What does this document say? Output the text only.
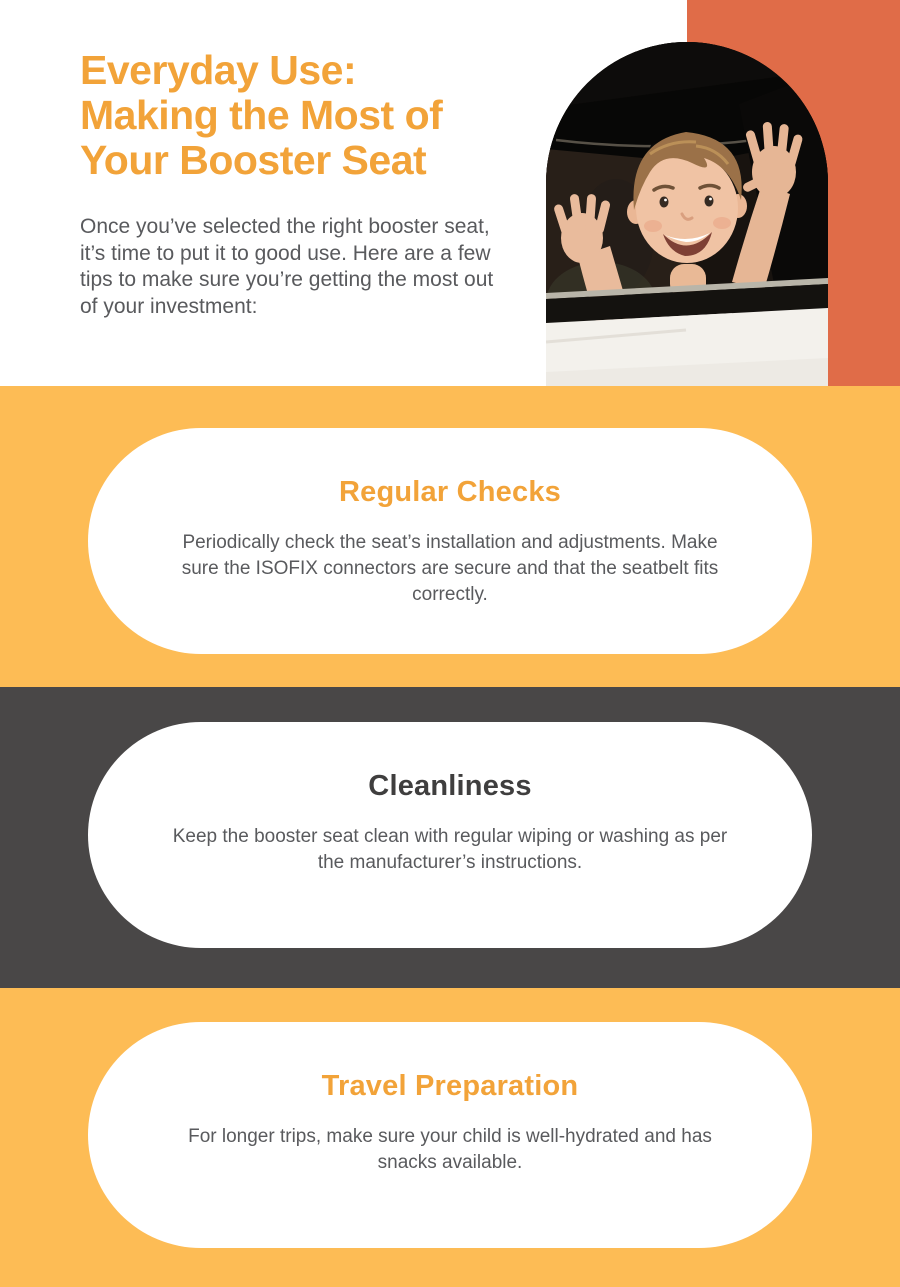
Everyday Use:
Making the Most of
Your Booster Seat

Once you’ve selected the right booster seat, it’s time to put it to good use. Here are a few tips to make sure you’re getting the most out of your investment:

Regular Checks

Periodically check the seat’s installation and adjustments. Make sure the ISOFIX connectors are secure and that the seatbelt fits correctly.

Cleanliness

Keep the booster seat clean with regular wiping or washing as per the manufacturer’s instructions.

Travel Preparation

For longer trips, make sure your child is well-hydrated and has snacks available.
